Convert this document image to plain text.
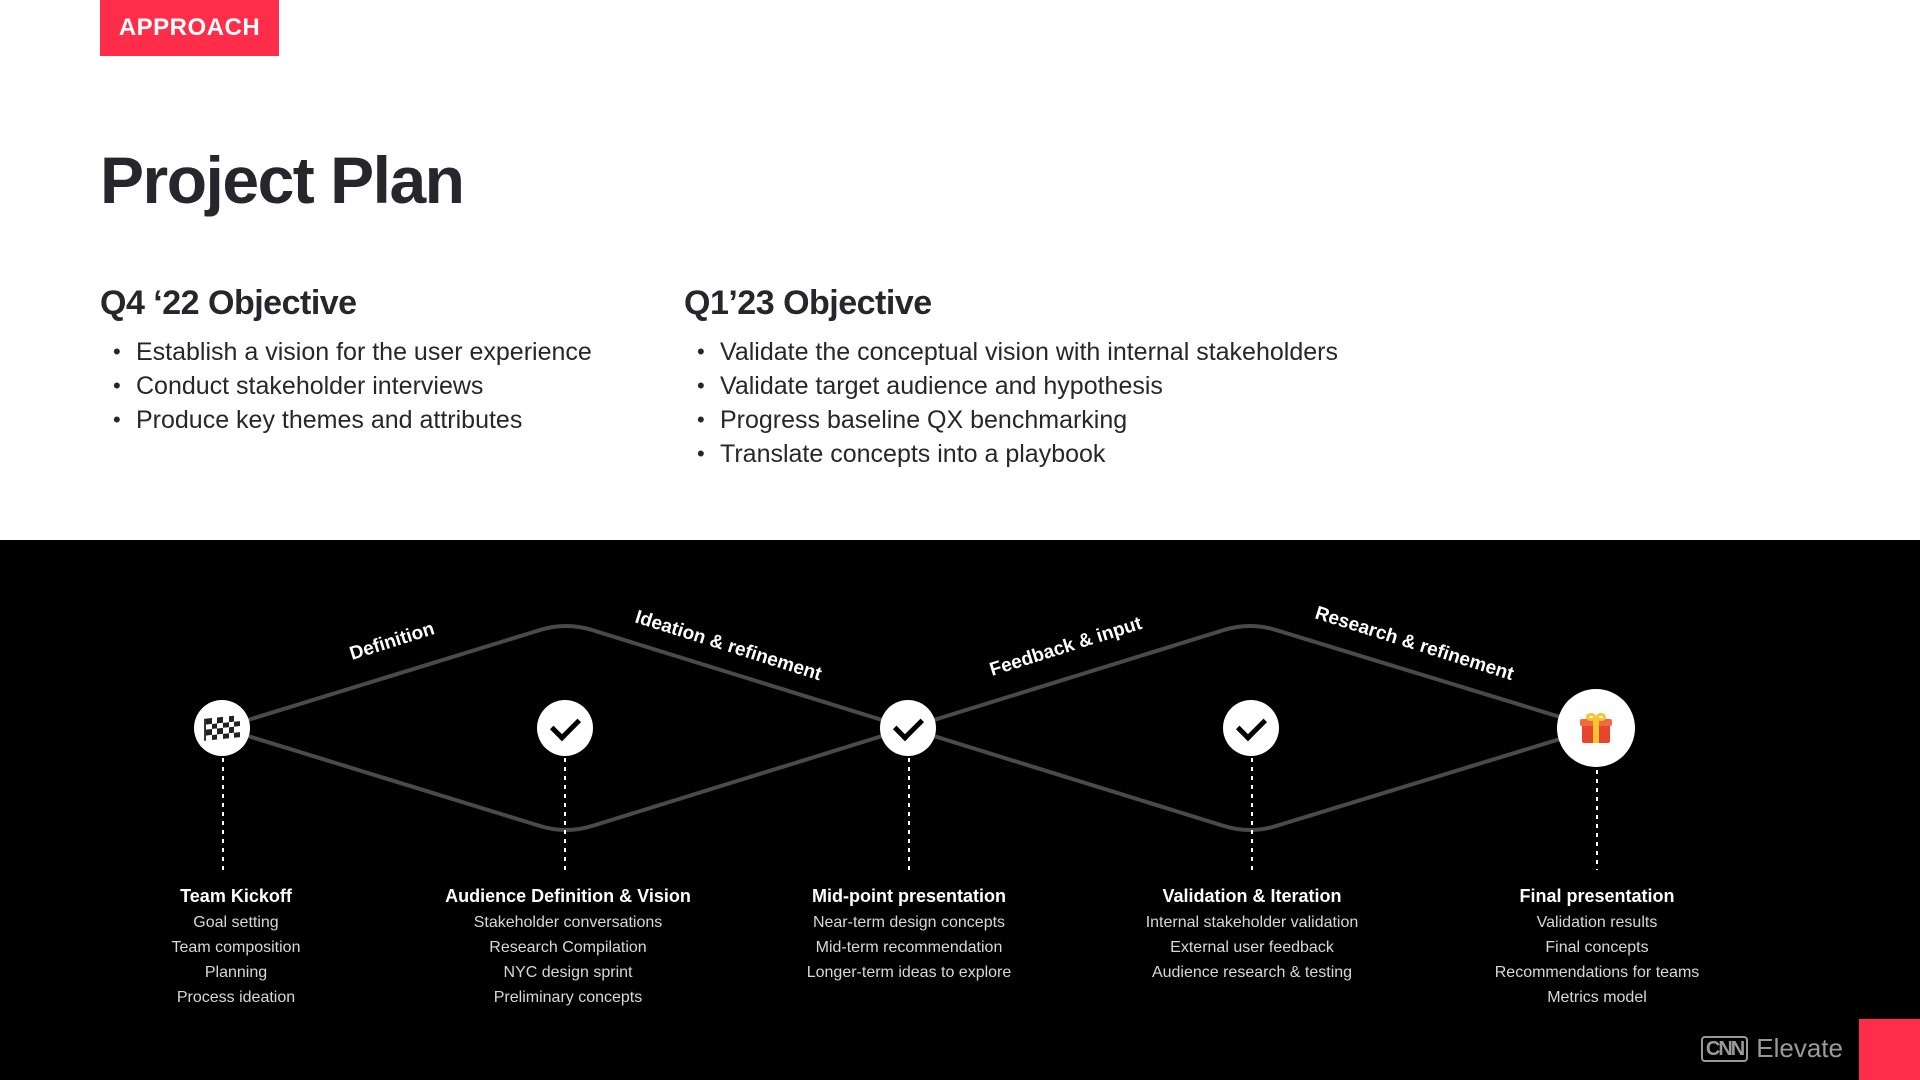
APPROACH
Project Plan
Q4 ‘22 Objective
• Establish a vision for the user experience
• Conduct stakeholder interviews
• Produce key themes and attributes
Q1’23 Objective
• Validate the conceptual vision with internal stakeholders
• Validate target audience and hypothesis
• Progress baseline QX benchmarking
• Translate concepts into a playbook
Definition	Ideation & refinement	Feedback & input	Research & refinement
Team Kickoff
Goal setting
Team composition
Planning
Process ideation
Audience Definition & Vision
Stakeholder conversations
Research Compilation
NYC design sprint
Preliminary concepts
Mid-point presentation
Near-term design concepts
Mid-term recommendation
Longer-term ideas to explore
Validation & Iteration
Internal stakeholder validation
External user feedback
Audience research & testing
Final presentation
Validation results
Final concepts
Recommendations for teams
Metrics model
CNN Elevate
